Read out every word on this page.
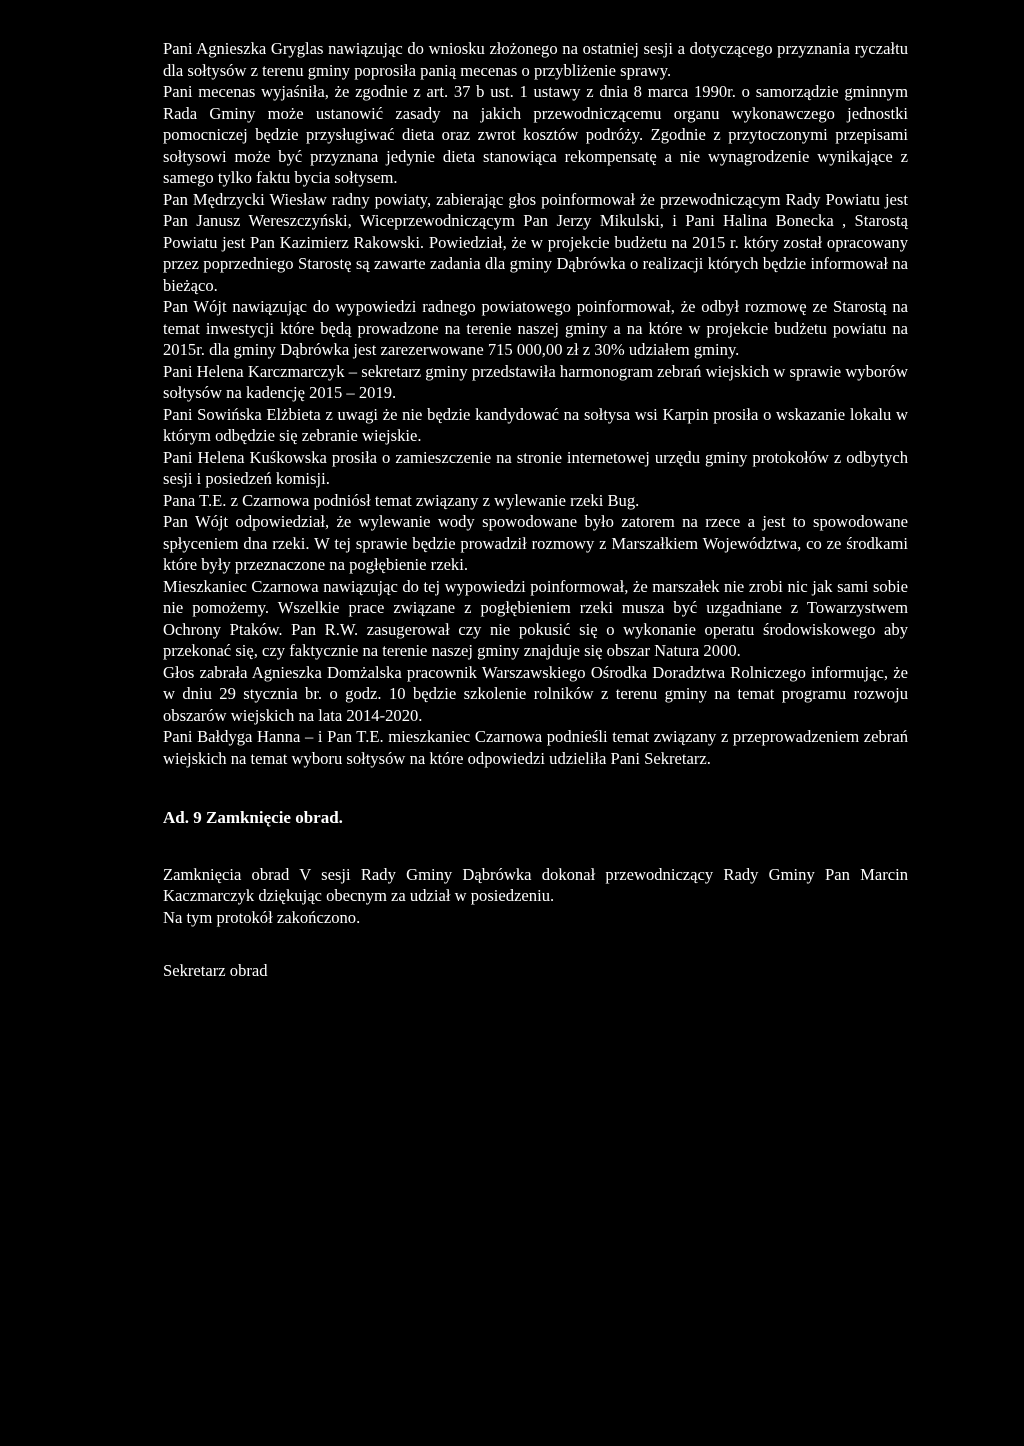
Pani Agnieszka Gryglas nawiązując do wniosku złożonego na ostatniej sesji a dotyczącego przyznania ryczałtu dla sołtysów z terenu gminy poprosiła panią mecenas o przybliżenie sprawy.

Pani mecenas wyjaśniła, że zgodnie z art. 37 b ust. 1 ustawy z dnia 8 marca 1990r. o samorządzie gminnym Rada Gminy może ustanowić zasady na jakich przewodniczącemu organu wykonawczego jednostki pomocniczej będzie przysługiwać dieta oraz zwrot kosztów podróży. Zgodnie z przytoczonymi przepisami sołtysowi może być przyznana jedynie dieta stanowiąca rekompensatę a nie wynagrodzenie wynikające z samego tylko faktu bycia sołtysem.

Pan Mędrzycki Wiesław radny powiaty, zabierając głos poinformował że przewodniczącym Rady Powiatu jest Pan Janusz Wereszczyński, Wiceprzewodniczącym Pan Jerzy Mikulski, i Pani Halina Bonecka , Starostą Powiatu jest Pan Kazimierz Rakowski. Powiedział, że w projekcie budżetu na 2015 r. który został opracowany przez poprzedniego Starostę są zawarte zadania dla gminy Dąbrówka o realizacji których będzie informował na bieżąco.

Pan Wójt nawiązując do wypowiedzi radnego powiatowego poinformował, że odbył rozmowę ze Starostą na temat inwestycji które będą prowadzone na terenie naszej gminy a na które w projekcie budżetu powiatu na 2015r. dla gminy Dąbrówka jest zarezerwowane 715 000,00 zł z 30% udziałem gminy.

Pani Helena Karczmarczyk – sekretarz gminy przedstawiła harmonogram zebrań wiejskich w sprawie wyborów sołtysów na kadencję 2015 – 2019.

Pani Sowińska Elżbieta z uwagi że nie będzie kandydować na sołtysa wsi Karpin prosiła o wskazanie lokalu w którym odbędzie się zebranie wiejskie.

Pani Helena Kuśkowska prosiła o zamieszczenie na stronie internetowej urzędu gminy protokołów z odbytych sesji i posiedzeń komisji.

Pana T.E. z Czarnowa podniósł temat związany z wylewanie rzeki Bug.

Pan Wójt odpowiedział, że wylewanie wody spowodowane było zatorem na rzece a jest to spowodowane spłyceniem dna rzeki. W tej sprawie będzie prowadził rozmowy z Marszałkiem Województwa, co ze środkami które były przeznaczone na pogłębienie rzeki.

Mieszkaniec Czarnowa nawiązując do tej wypowiedzi poinformował, że marszałek nie zrobi nic jak sami sobie nie pomożemy. Wszelkie prace związane z pogłębieniem rzeki musza być uzgadniane z Towarzystwem Ochrony Ptaków. Pan R.W. zasugerował czy nie pokusić się o wykonanie operatu środowiskowego aby przekonać się, czy faktycznie na terenie naszej gminy znajduje się obszar Natura 2000.

Głos zabrała Agnieszka Domżalska pracownik Warszawskiego Ośrodka Doradztwa Rolniczego informując, że w dniu 29 stycznia br. o godz. 10 będzie szkolenie rolników z terenu gminy na temat programu rozwoju obszarów wiejskich na lata 2014-2020.

Pani Bałdyga Hanna – i Pan T.E. mieszkaniec Czarnowa podnieśli temat związany z przeprowadzeniem zebrań wiejskich na temat wyboru sołtysów na które odpowiedzi udzieliła Pani Sekretarz.

Ad. 9 Zamknięcie obrad.

Zamknięcia obrad V sesji Rady Gminy Dąbrówka dokonał przewodniczący Rady Gminy Pan Marcin Kaczmarczyk dziękując obecnym za udział w posiedzeniu.

Na tym protokół zakończono.

Sekretarz obrad
